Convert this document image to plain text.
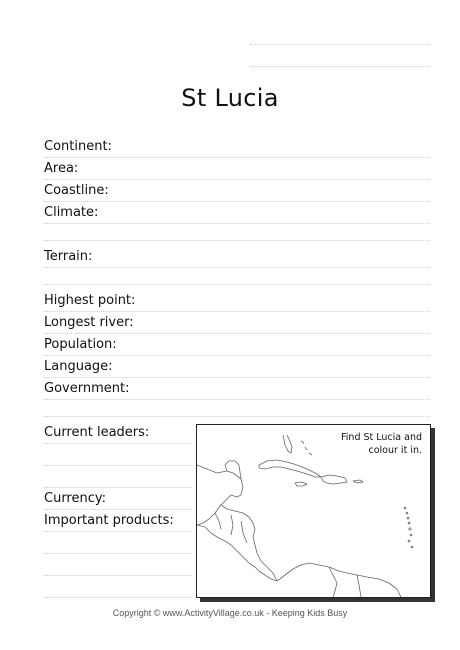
St Lucia
Continent:
Area:
Coastline:
Climate:
Terrain:
Highest point:
Longest river:
Population:
Language:
Government:
Current leaders:
Currency:
Important products:
Find St Lucia and colour it in.
Copyright © www.ActivityVillage.co.uk - Keeping Kids Busy
